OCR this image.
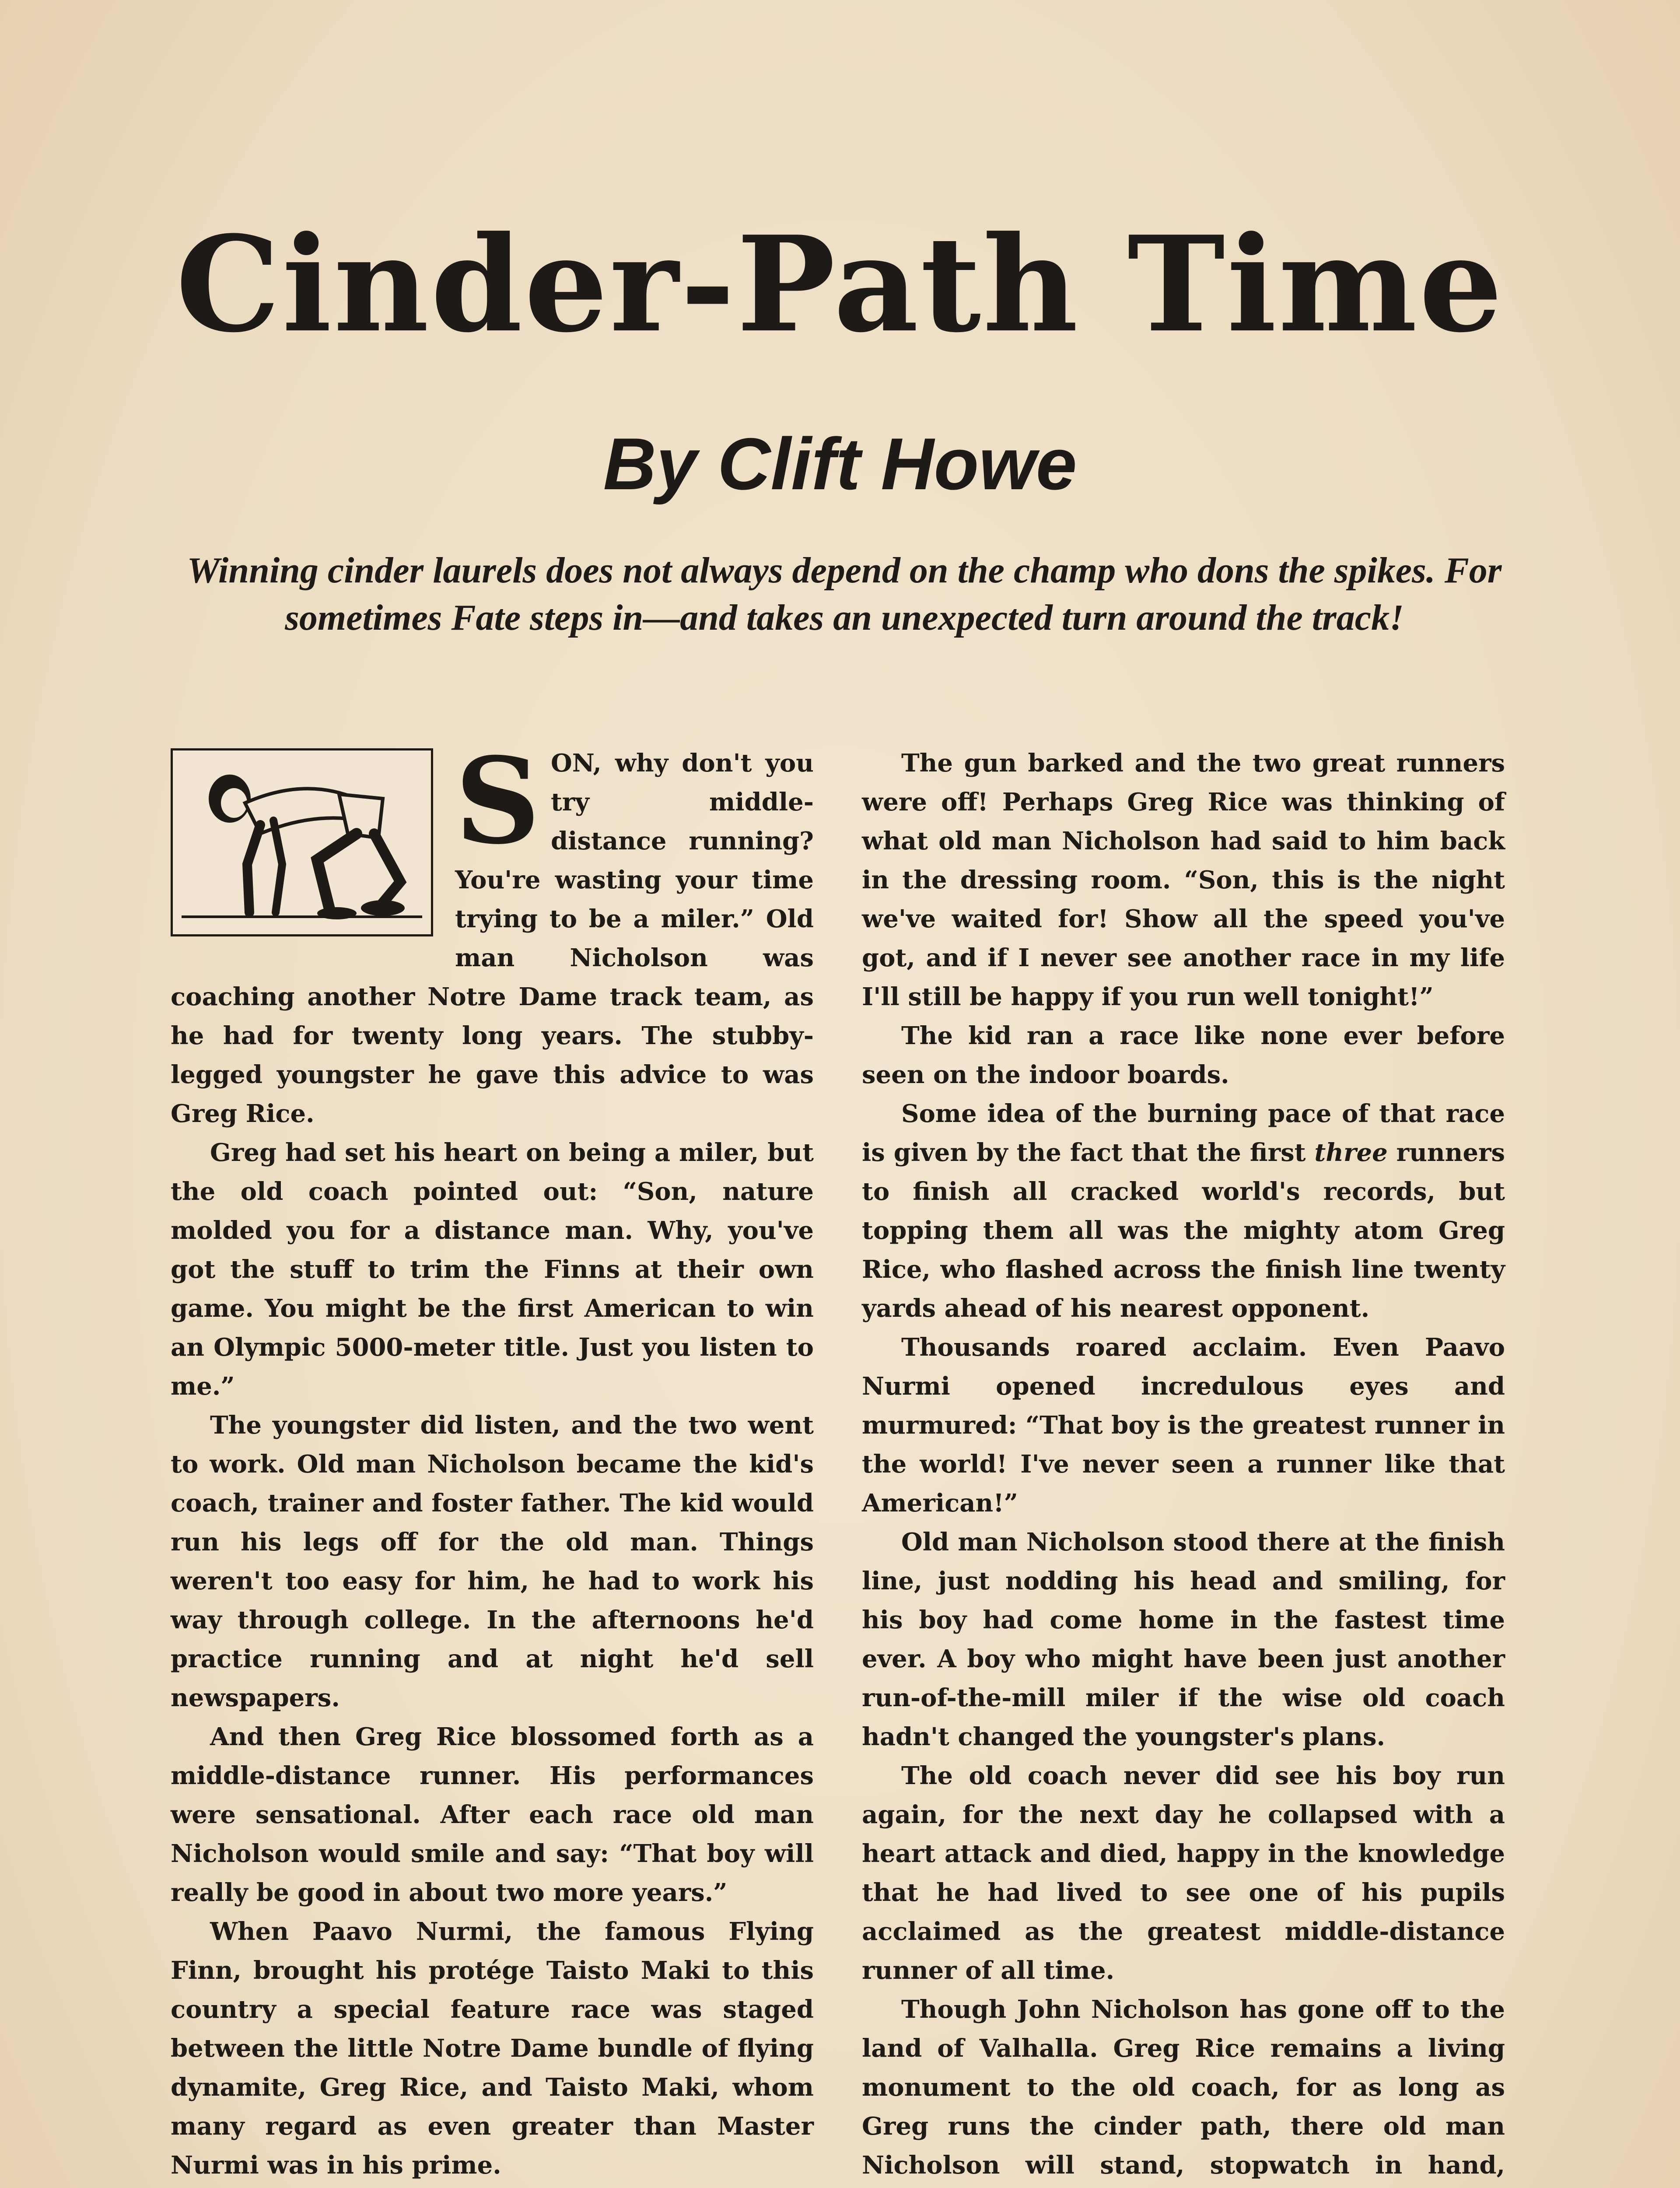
Cinder-Path Time
By Clift Howe
Winning cinder laurels does not always depend on the champ who dons the spikes. For sometimes Fate steps in—and takes an unexpected turn around the track!
S ON, why don't you try middle-distance running? You're wasting your time trying to be a miler.” Old man Nicholson was coaching another Notre Dame track team, as he had for twenty long years. The stubby-legged youngster he gave this advice to was Greg Rice.

Greg had set his heart on being a miler, but the old coach pointed out: “Son, nature molded you for a distance man. Why, you've got the stuff to trim the Finns at their own game. You might be the first American to win an Olympic 5000-meter title. Just you listen to me.”

The youngster did listen, and the two went to work. Old man Nicholson became the kid's coach, trainer and foster father. The kid would run his legs off for the old man. Things weren't too easy for him, he had to work his way through college. In the afternoons he'd practice running and at night he'd sell newspapers.

And then Greg Rice blossomed forth as a middle-distance runner. His performances were sensational. After each race old man Nicholson would smile and say: “That boy will really be good in about two more years.”

When Paavo Nurmi, the famous Flying Finn, brought his protége Taisto Maki to this country a special feature race was staged between the little Notre Dame bundle of flying dynamite, Greg Rice, and Taisto Maki, whom many regard as even greater than Master Nurmi was in his prime.

The gun barked and the two great runners were off! Perhaps Greg Rice was thinking of what old man Nicholson had said to him back in the dressing room. “Son, this is the night we've waited for! Show all the speed you've got, and if I never see another race in my life I'll still be happy if you run well tonight!”

The kid ran a race like none ever before seen on the indoor boards.

Some idea of the burning pace of that race is given by the fact that the first three runners to finish all cracked world's records, but topping them all was the mighty atom Greg Rice, who flashed across the finish line twenty yards ahead of his nearest opponent.

Thousands roared acclaim. Even Paavo Nurmi opened incredulous eyes and murmured: “That boy is the greatest runner in the world! I've never seen a runner like that American!”

Old man Nicholson stood there at the finish line, just nodding his head and smiling, for his boy had come home in the fastest time ever. A boy who might have been just another run-of-the-mill miler if the wise old coach hadn't changed the youngster's plans.

The old coach never did see his boy run again, for the next day he collapsed with a heart attack and died, happy in the knowledge that he had lived to see one of his pupils acclaimed as the greatest middle-distance runner of all time.

Though John Nicholson has gone off to the land of Valhalla. Greg Rice remains a living monument to the old coach, for as long as Greg runs the cinder path, there old man Nicholson will stand, stopwatch in hand,
